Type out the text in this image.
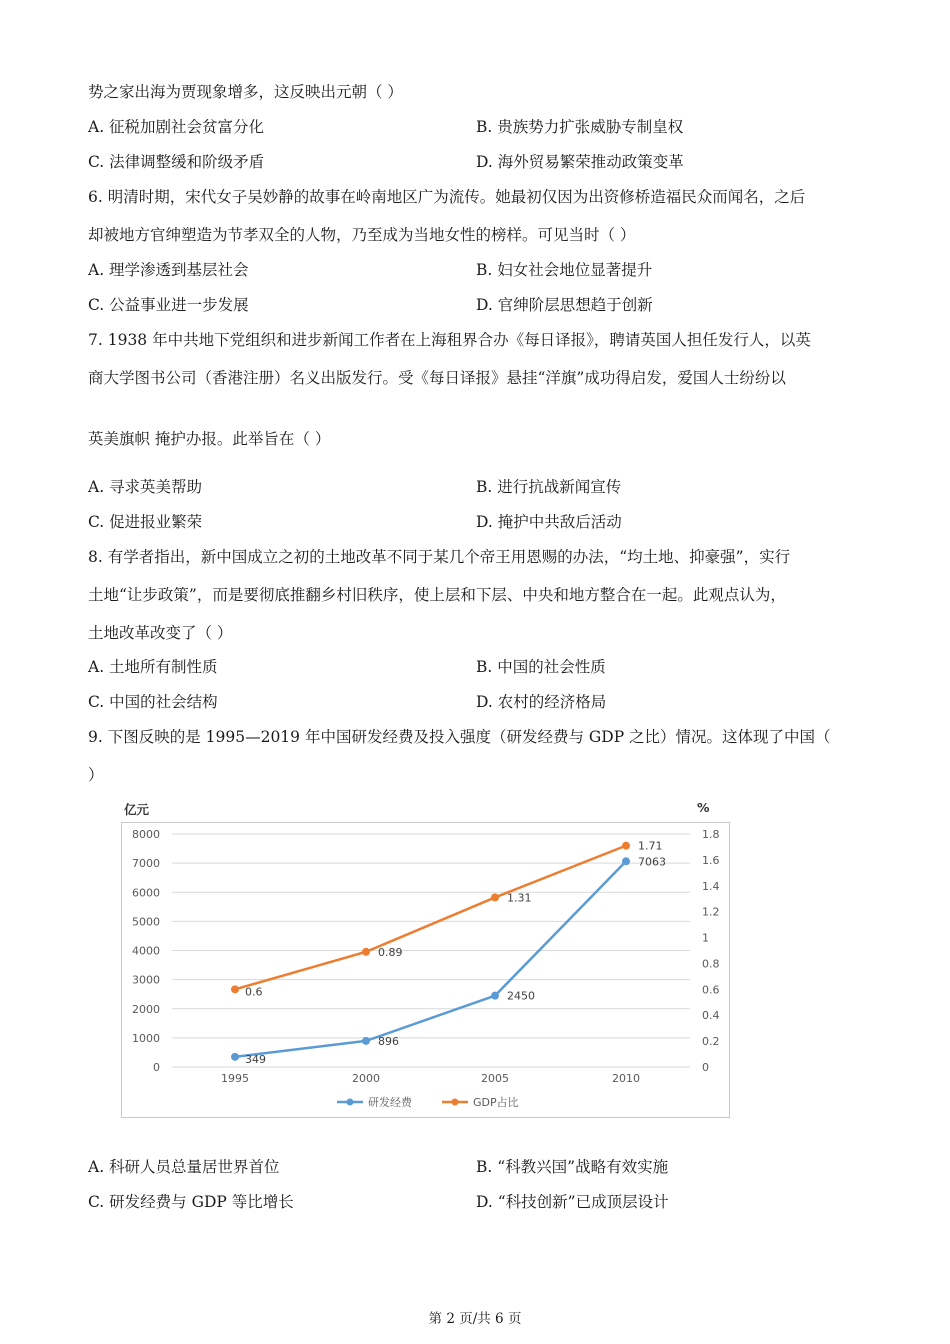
势之家出海为贾现象增多，这反映出元朝（ ）
A. 征税加剧社会贫富分化	B. 贵族势力扩张威胁专制皇权
C. 法律调整缓和阶级矛盾	D. 海外贸易繁荣推动政策变革
6. 明清时期，宋代女子吴妙静的故事在岭南地区广为流传。她最初仅因为出资修桥造福民众而闻名，之后
却被地方官绅塑造为节孝双全的人物，乃至成为当地女性的榜样。可见当时（ ）
A. 理学渗透到基层社会	B. 妇女社会地位显著提升
C. 公益事业进一步发展	D. 官绅阶层思想趋于创新
7. 1938 年中共地下党组织和进步新闻工作者在上海租界合办《每日译报》，聘请英国人担任发行人，以英
商大学图书公司（香港注册）名义出版发行。受《每日译报》悬挂“洋旗”成功得启发，爱国人士纷纷以
英美旗帜 掩护办报。此举旨在（ ）
A. 寻求英美帮助	B. 进行抗战新闻宣传
C. 促进报业繁荣	D. 掩护中共敌后活动
8. 有学者指出，新中国成立之初的土地改革不同于某几个帝王用恩赐的办法，“均土地、抑豪强”，实行
土地“让步政策”，而是要彻底推翻乡村旧秩序，使上层和下层、中央和地方整合在一起。此观点认为，
土地改革改变了（ ）
A. 土地所有制性质	B. 中国的社会性质
C. 中国的社会结构	D. 农村的经济格局
9. 下图反映的是 1995—2019 年中国研发经费及投入强度（研发经费与 GDP 之比）情况。这体现了中国（
）
亿元	%
0
1000
2000
3000
4000
5000
6000
7000
8000
0
0.2
0.4
0.6
0.8
1
1.2
1.4
1.6
1.8
1995	2000	2005	2010
349
896
2450
7063
0.6
0.89
1.31
1.71
研发经费	GDP占比
A. 科研人员总量居世界首位	B. “科教兴国”战略有效实施
C. 研发经费与 GDP 等比增长	D. “科技创新”已成顶层设计
第 2 页/共 6 页
